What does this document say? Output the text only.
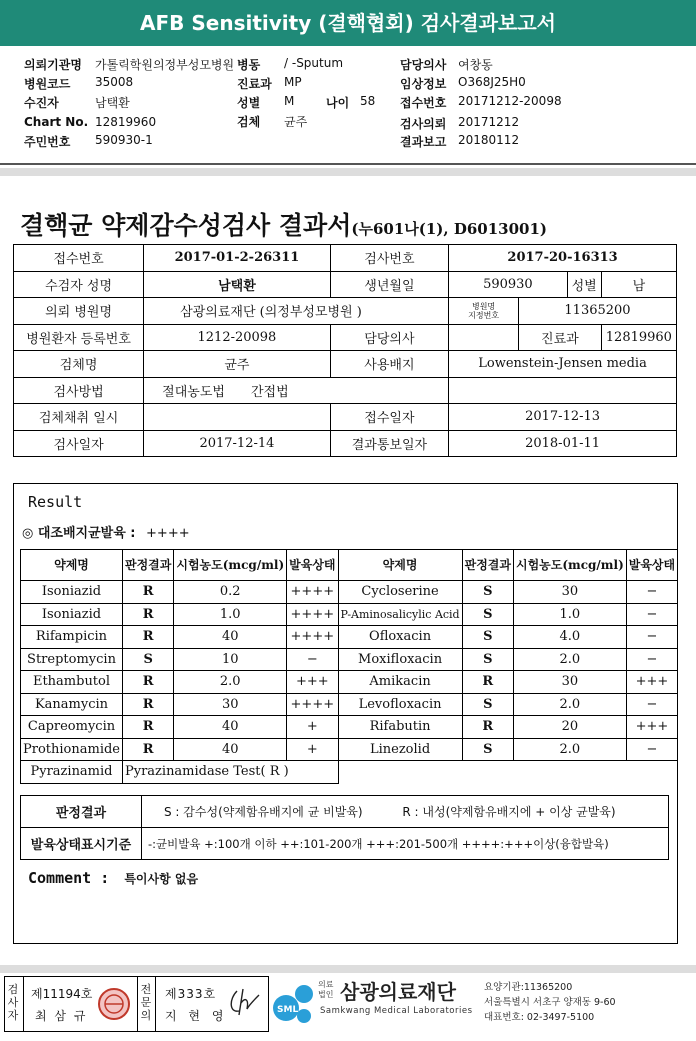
AFB Sensitivity (결핵협회) 검사결과보고서
의뢰기관명 가톨릭학원의정부성모병원 병동 / -Sputum	담당의사 여창동
병원코드 35008	진료과 MP	임상정보 O368J25H0
수진자	남택환	성별 M	나이 58 접수번호 20171212-20098
Chart No. 12819960	검체 균주	검사의뢰 20171212
주민번호 590930-1	결과보고 20180112
결핵균 약제감수성검사 결과서(누601나(1), D6013001)
접수번호	2017-01-2-26311	검사번호	2017-20-16313			
수검자 성명	남택환	생년월일	590930		성별	남
의뢰 병원명	삼광의료재단 (의정부성모병원 )		병원명
지정번호	11365200		
병원환자 등록번호	1212-20098	담당의사		진료과		12819960
검체명	균주	사용배지	Lowenstein-Jensen media			
검사방법	절대농도법 간접법					
검체채취 일시		접수일자	2017-12-13			
검사일자	2017-12-14	결과통보일자	2018-01-11			
Result
◎ 대조배지균발육 : ++++
약제명	판정결과	시험농도(mcg/ml)	발육상태	약제명	판정결과	시험농도(mcg/ml)	발육상태
Isoniazid	R	0.2	++++	Cycloserine	S	30	−
Isoniazid	R	1.0	++++	P-Aminosalicylic Acid	S	1.0	−
Rifampicin	R	40	++++	Ofloxacin	S	4.0	−
Streptomycin	S	10	−	Moxifloxacin	S	2.0	−
Ethambutol	R	2.0	+++	Amikacin	R	30	+++
Kanamycin	R	30	++++	Levofloxacin	S	2.0	−
Capreomycin	R	40	+	Rifabutin	R	20	+++
Prothionamide	R	40	+	Linezolid	S	2.0	−
Pyrazinamid	Pyrazinamidase Test( R )						
판정결과	S : 감수성(약제함유배지에 균 비발육) R : 내성(약제함유배지에 + 이상 균발육)
발육상태표시기준	-:균비발육 +:100개 이하 ++:101-200개 +++:201-500개 ++++:+++이상(융합발육)
Comment : 특이사항 없음
검사자
제11194호
최 삼 규
전문의
제333호
지 현 영	SML
의료
법인 삼광의료재단
Samkwang Medical Laboratories
요양기관:11365200
서울특별시 서초구 양재동 9-60
대표번호: 02-3497-5100
